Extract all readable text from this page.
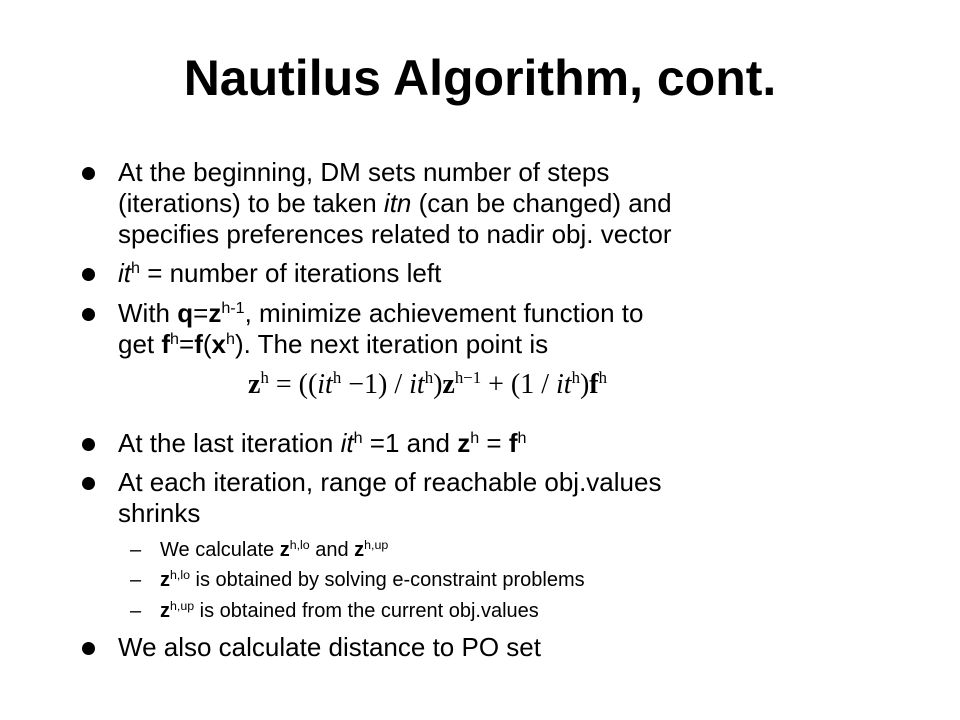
Nautilus Algorithm, cont.
At the beginning, DM sets number of steps
(iterations) to be taken itn (can be changed) and
specifies preferences related to nadir obj. vector
$it^h$ = number of iterations left
With $q=z^{h-1}$, minimize achievement function to
get $f^h=f(x^h)$. The next iteration point is
$z^h = ((it^h -1) / it^h)z^{h-1} + (1 / it^h)f^h$
At the last iteration $it^h =1$ and $z^h = f^h$
At each iteration, range of reachable obj.values
shrinks
– We calculate $z^{h,lo}$ and $z^{h,up}$
– $z^{h,lo}$ is obtained by solving e-constraint problems
– $z^{h,up}$ is obtained from the current obj.values
We also calculate distance to PO set
